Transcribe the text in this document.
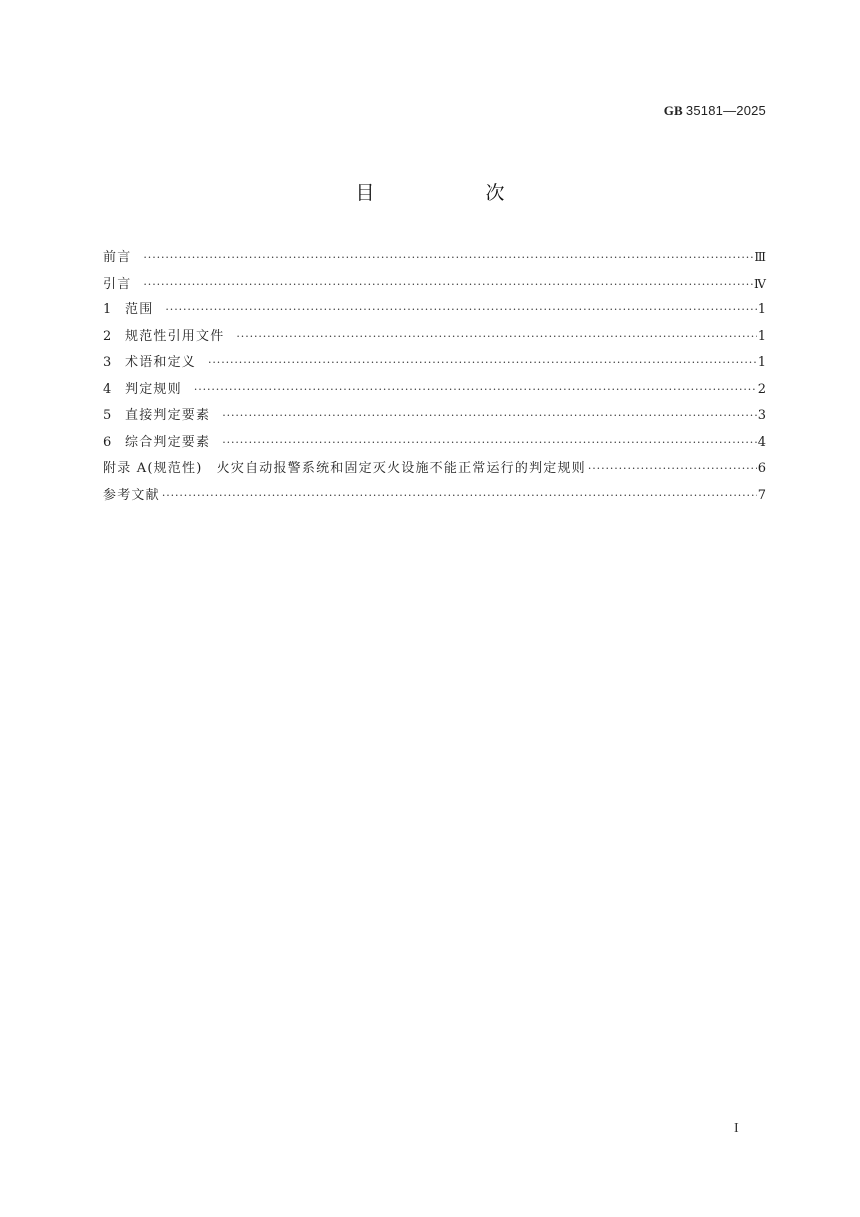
GB 35181—2025
目　次
前言 ·····	Ⅲ
引言 ·····	Ⅳ
1	范围 ·····	1
2	规范性引用文件 ·····	1
3	术语和定义 ·····	1
4	判定规则 ·····	2
5	直接判定要素 ·····	3
6	综合判定要素 ·····	4
附录 A(规范性)　火灾自动报警系统和固定灭火设施不能正常运行的判定规则 ·····	6
参考文献 ·····	7
I
